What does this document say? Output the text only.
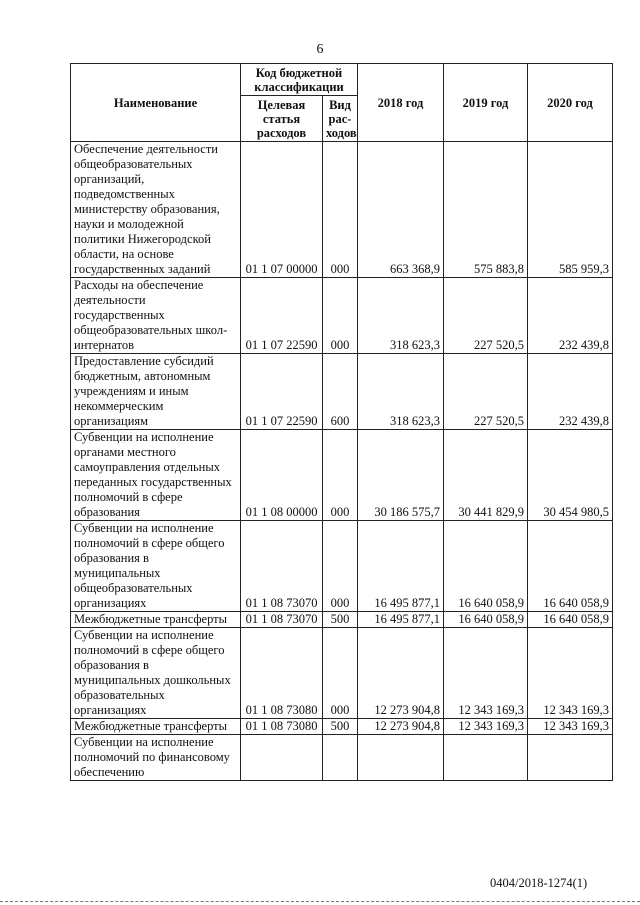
6
Наименование	Код бюджетной классификации		2018 год	2019 год	2020 год
	Целевая статья расходов	Вид рас- ходов			
Обеспечение деятельности общеобразовательных организаций, подведомственных министерству образования, науки и молодежной политики Нижегородской области, на основе государственных заданий	01 1 07 00000	000	663 368,9	575 883,8	585 959,3
Расходы на обеспечение деятельности государственных общеобразовательных школ-интернатов	01 1 07 22590	000	318 623,3	227 520,5	232 439,8
Предоставление субсидий бюджетным, автономным учреждениям и иным некоммерческим организациям	01 1 07 22590	600	318 623,3	227 520,5	232 439,8
Субвенции на исполнение органами местного самоуправления отдельных переданных государственных полномочий в сфере образования	01 1 08 00000	000	30 186 575,7	30 441 829,9	30 454 980,5
Субвенции на исполнение полномочий в сфере общего образования в муниципальных общеобразовательных организациях	01 1 08 73070	000	16 495 877,1	16 640 058,9	16 640 058,9
Межбюджетные трансферты	01 1 08 73070	500	16 495 877,1	16 640 058,9	16 640 058,9
Субвенции на исполнение полномочий в сфере общего образования в муниципальных дошкольных образовательных организациях	01 1 08 73080	000	12 273 904,8	12 343 169,3	12 343 169,3
Межбюджетные трансферты	01 1 08 73080	500	12 273 904,8	12 343 169,3	12 343 169,3
Субвенции на исполнение полномочий по финансовому обеспечению					
0404/2018-1274(1)
